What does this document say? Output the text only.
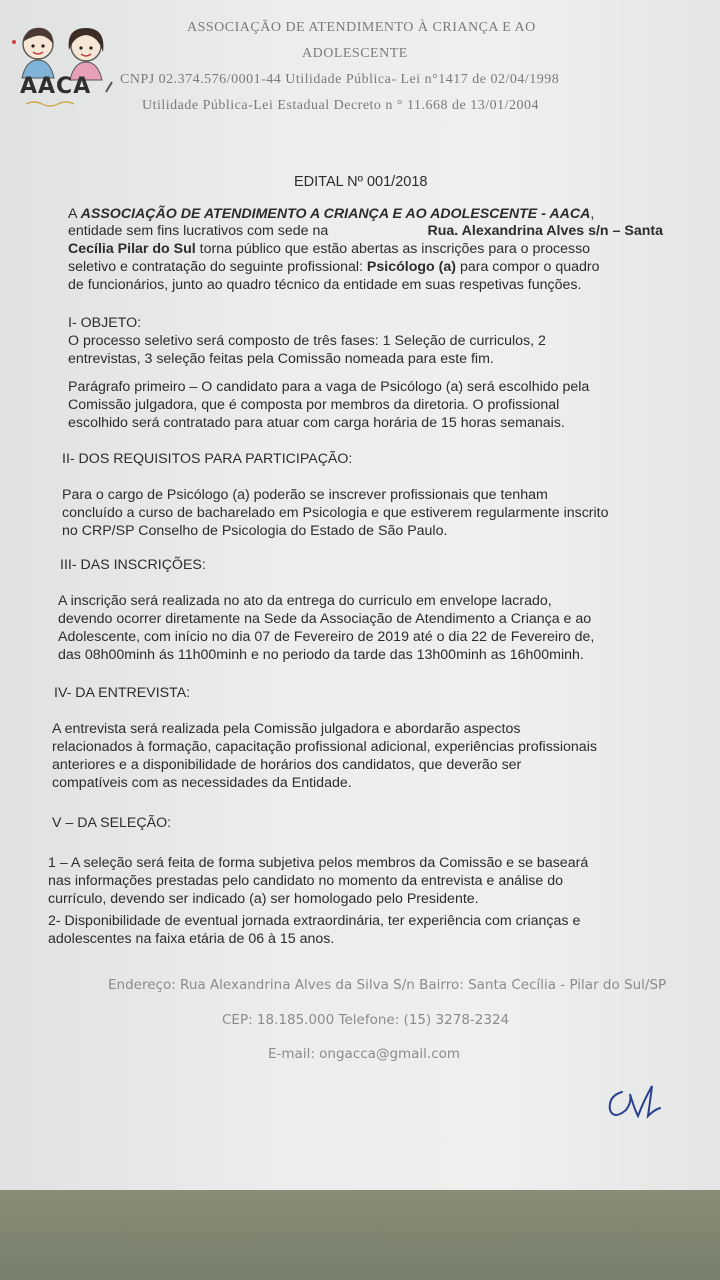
AACA
ASSOCIAÇÃO DE ATENDIMENTO À CRIANÇA E AO
ADOLESCENTE
CNPJ 02.374.576/0001-44 Utilidade Pública- Lei n°1417 de 02/04/1998
Utilidade Pública-Lei Estadual Decreto n ° 11.668 de 13/01/2004
EDITAL Nº 001/2018
A ASSOCIAÇÃO DE ATENDIMENTO A CRIANÇA E AO ADOLESCENTE - AACA,
entidade sem fins lucrativos com sede na	Rua. Alexandrina Alves s/n – Santa
Cecília Pilar do Sul torna público que estão abertas as inscrições para o processo
seletivo e contratação do seguinte profissional: Psicólogo (a) para compor o quadro
de funcionários, junto ao quadro técnico da entidade em suas respetivas funções.
I- OBJETO:
O processo seletivo será composto de três fases: 1 Seleção de curriculos, 2
entrevistas, 3 seleção feitas pela Comissão nomeada para este fim.
Parágrafo primeiro – O candidato para a vaga de Psicólogo (a) será escolhido pela
Comissão julgadora, que é composta por membros da diretoria. O profissional
escolhido será contratado para atuar com carga horária de 15 horas semanais.
II- DOS REQUISITOS PARA PARTICIPAÇÃO:
Para o cargo de Psicólogo (a) poderão se inscrever profissionais que tenham
concluído a curso de bacharelado em Psicologia e que estiverem regularmente inscrito
no CRP/SP Conselho de Psicologia do Estado de São Paulo.
III- DAS INSCRIÇÕES:
A inscrição será realizada no ato da entrega do curriculo em envelope lacrado,
devendo ocorrer diretamente na Sede da Associação de Atendimento a Criança e ao
Adolescente, com início no dia 07 de Fevereiro de 2019 até o dia 22 de Fevereiro de,
das 08h00minh ás 11h00minh e no periodo da tarde das 13h00minh as 16h00minh.
IV- DA ENTREVISTA:
A entrevista será realizada pela Comissão julgadora e abordarão aspectos
relacionados à formação, capacitação profissional adicional, experiências profissionais
anteriores e a disponibilidade de horários dos candidatos, que deverão ser
compatíveis com as necessidades da Entidade.
V – DA SELEÇÃO:
1 – A seleção será feita de forma subjetiva pelos membros da Comissão e se baseará
nas informações prestadas pelo candidato no momento da entrevista e análise do
currículo, devendo ser indicado (a) ser homologado pelo Presidente.
2- Disponibilidade de eventual jornada extraordinária, ter experiência com crianças e
adolescentes na faixa etária de 06 à 15 anos.
Endereço: Rua Alexandrina Alves da Silva S/n Bairro: Santa Cecília - Pilar do Sul/SP
CEP: 18.185.000 Telefone: (15) 3278-2324
E-mail: ongacca@gmail.com
